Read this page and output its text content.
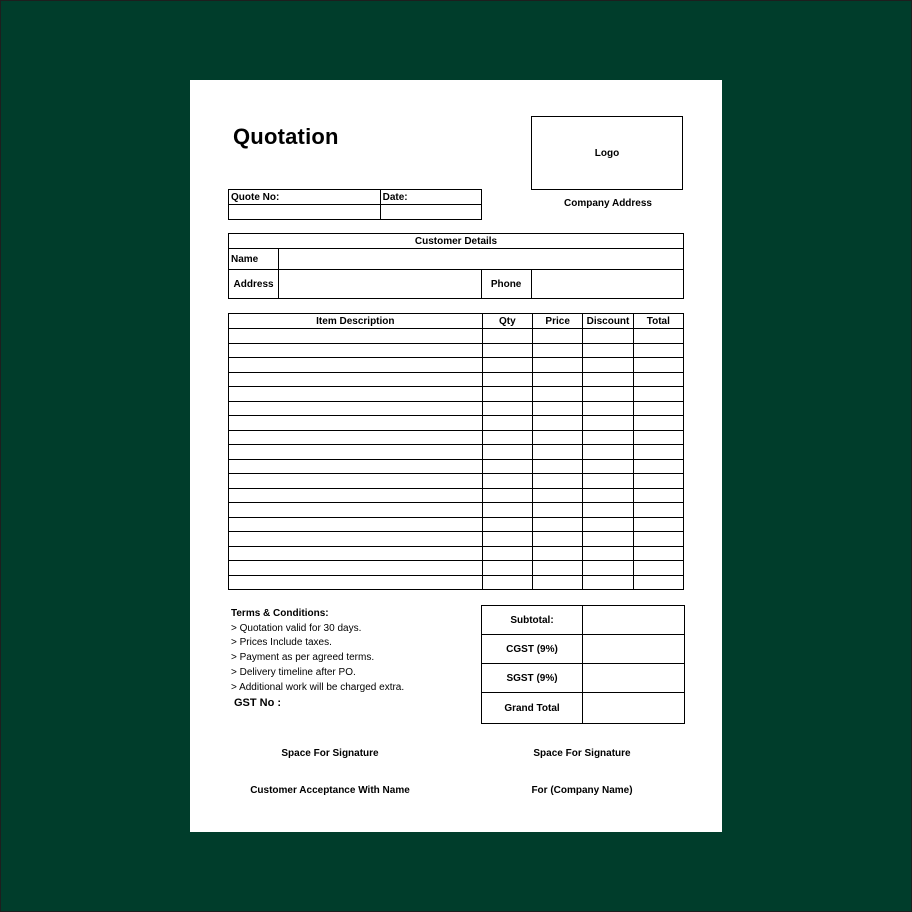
Quotation
Logo
Company Address
Quote No:	Date:

Customer Details			
Name			
Address		Phone	
Item Description	Qty	Price	Discount	Total

Terms & Conditions:
> Quotation valid for 30 days.
> Prices Include taxes.
> Payment as per agreed terms.
> Delivery timeline after PO.
> Additional work will be charged extra.
GST No :
Subtotal:	
CGST (9%)	
SGST (9%)	
Grand Total	
Space For Signature	Space For Signature
Customer Acceptance With Name	For (Company Name)
